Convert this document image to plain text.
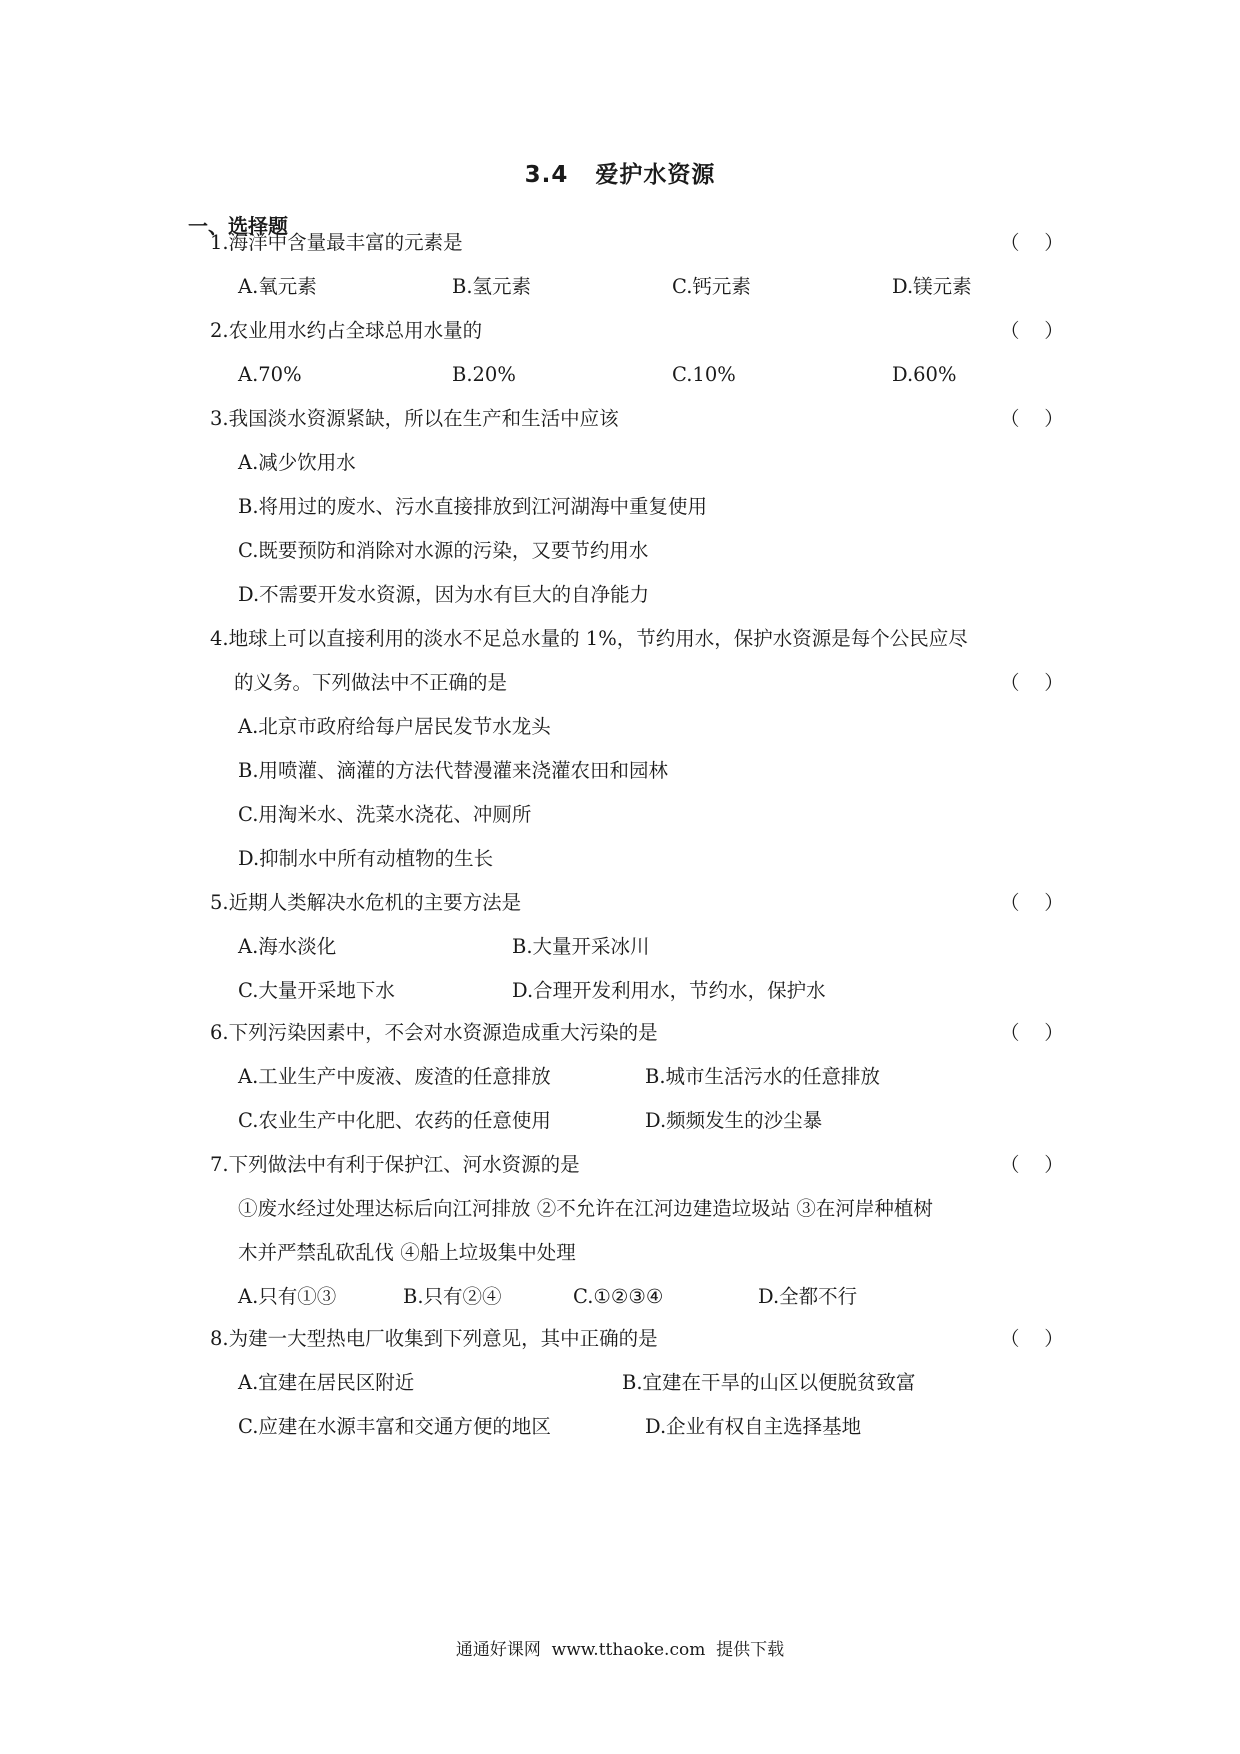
3.4   爱护水资源
一、选择题
1.海洋中含量最丰富的元素是	（    ）
A.氧元素	B.氢元素	C.钙元素	D.镁元素
2.农业用水约占全球总用水量的	（    ）
A.70%	B.20%	C.10%	D.60%
3.我国淡水资源紧缺，所以在生产和生活中应该	（    ）
A.减少饮用水
B.将用过的废水、污水直接排放到江河湖海中重复使用
C.既要预防和消除对水源的污染，又要节约用水
D.不需要开发水资源，因为水有巨大的自净能力
4.地球上可以直接利用的淡水不足总水量的 1%，节约用水，保护水资源是每个公民应尽
的义务。下列做法中不正确的是	（    ）
A.北京市政府给每户居民发节水龙头
B.用喷灌、滴灌的方法代替漫灌来浇灌农田和园林
C.用淘米水、洗菜水浇花、冲厕所
D.抑制水中所有动植物的生长
5.近期人类解决水危机的主要方法是	（    ）
A.海水淡化	B.大量开采冰川
C.大量开采地下水	D.合理开发利用水，节约水，保护水
6.下列污染因素中，不会对水资源造成重大污染的是	（    ）
A.工业生产中废液、废渣的任意排放	B.城市生活污水的任意排放
C.农业生产中化肥、农药的任意使用	D.频频发生的沙尘暴
7.下列做法中有利于保护江、河水资源的是	（    ）
①废水经过处理达标后向江河排放 ②不允许在江河边建造垃圾站 ③在河岸种植树
木并严禁乱砍乱伐 ④船上垃圾集中处理
A.只有①③	B.只有②④	C.①②③④	D.全都不行
8.为建一大型热电厂收集到下列意见，其中正确的是	（    ）
A.宜建在居民区附近	B.宜建在干旱的山区以便脱贫致富
C.应建在水源丰富和交通方便的地区	D.企业有权自主选择基地
通通好课网  www.tthaoke.com  提供下载
